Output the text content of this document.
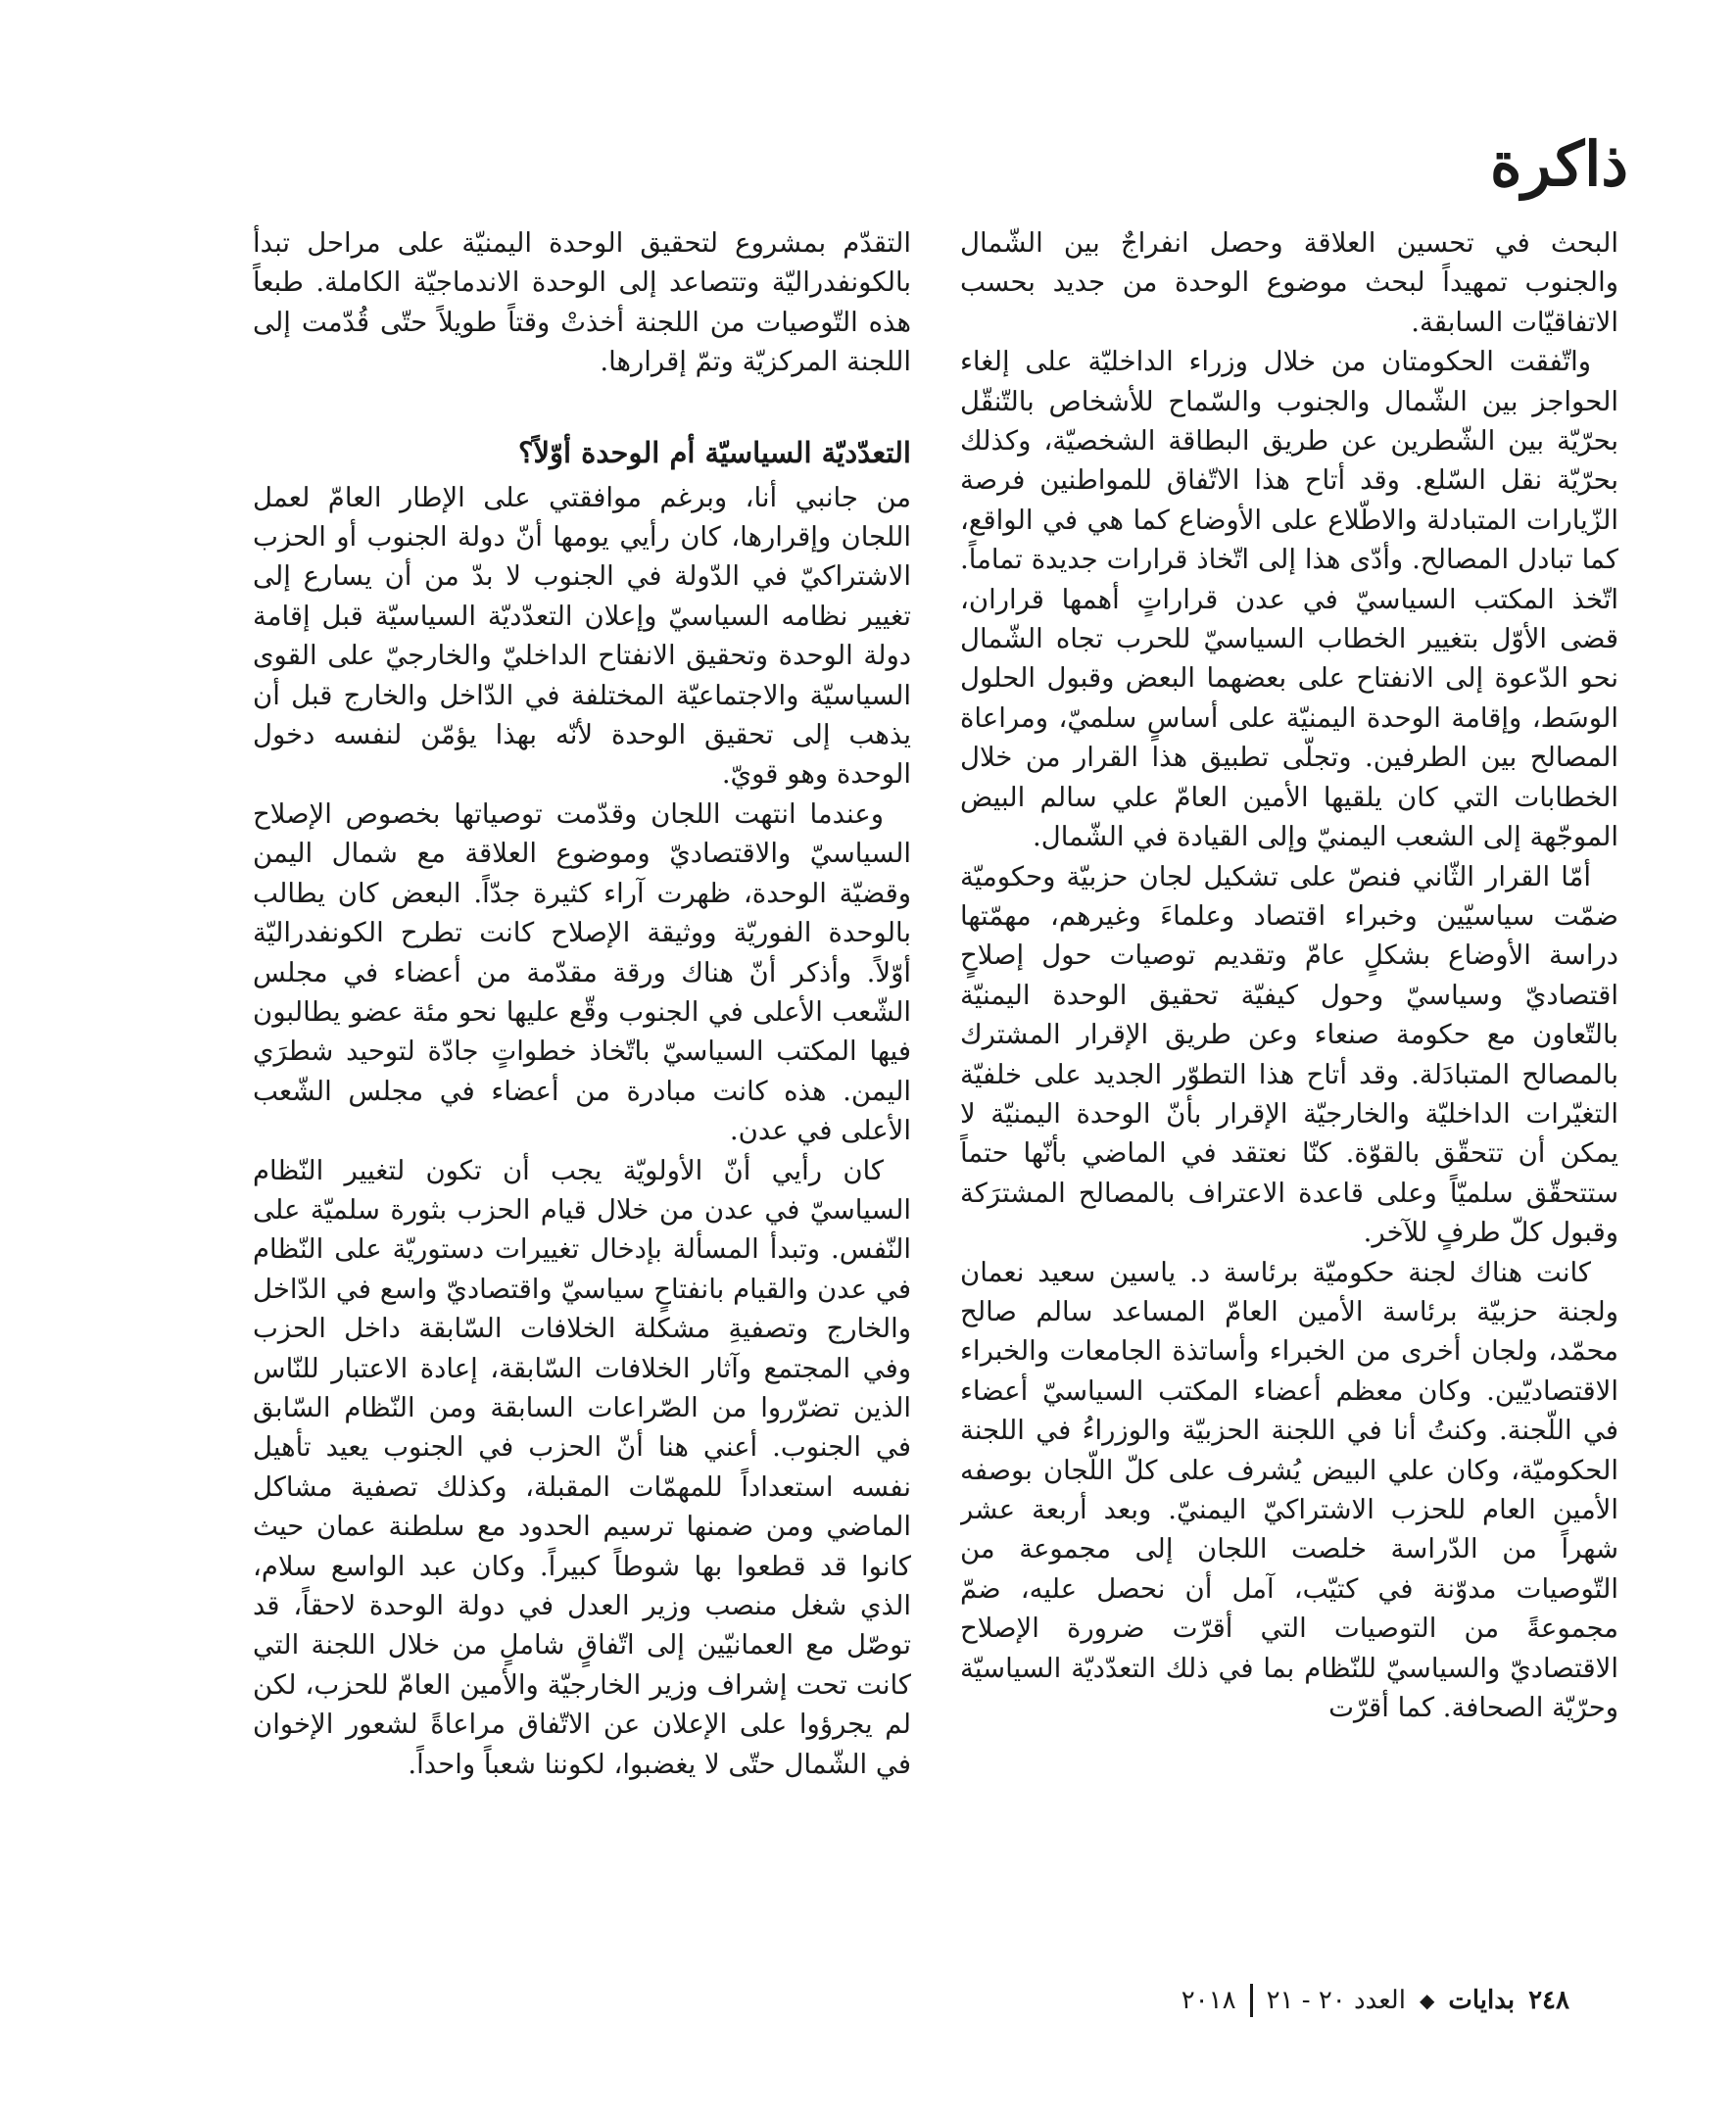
ذاكرة

البحث في تحسين العلاقة وحصل انفراجٌ بين الشّمال والجنوب تمهيداً لبحث موضوع الوحدة من جديد بحسب الاتفاقيّات السابقة.

واتّفقت الحكومتان من خلال وزراء الداخليّة على إلغاء الحواجز بين الشّمال والجنوب والسّماح للأشخاص بالتّنقّل بحرّيّة بين الشّطرين عن طريق البطاقة الشخصيّة، وكذلك بحرّيّة نقل السّلع. وقد أتاح هذا الاتّفاق للمواطنين فرصة الزّيارات المتبادلة والاطّلاع على الأوضاع كما هي في الواقع، كما تبادل المصالح. وأدّى هذا إلى اتّخاذ قرارات جديدة تماماً. اتّخذ المكتب السياسيّ في عدن قراراتٍ أهمها قراران، قضى الأوّل بتغيير الخطاب السياسيّ للحرب تجاه الشّمال نحو الدّعوة إلى الانفتاح على بعضهما البعض وقبول الحلول الوسَط، وإقامة الوحدة اليمنيّة على أساسٍ سلميّ، ومراعاة المصالح بين الطرفين. وتجلّى تطبيق هذا القرار من خلال الخطابات التي كان يلقيها الأمين العامّ علي سالم البيض الموجّهة إلى الشعب اليمنيّ وإلى القيادة في الشّمال.

أمّا القرار الثّاني فنصّ على تشكيل لجان حزبيّة وحكوميّة ضمّت سياسيّين وخبراء اقتصاد وعلماءَ وغيرهم، مهمّتها دراسة الأوضاع بشكلٍ عامّ وتقديم توصيات حول إصلاحٍ اقتصاديّ وسياسيّ وحول كيفيّة تحقيق الوحدة اليمنيّة بالتّعاون مع حكومة صنعاء وعن طريق الإقرار المشترك بالمصالح المتبادَلة. وقد أتاح هذا التطوّر الجديد على خلفيّة التغيّرات الداخليّة والخارجيّة الإقرار بأنّ الوحدة اليمنيّة لا يمكن أن تتحقّق بالقوّة. كنّا نعتقد في الماضي بأنّها حتماً ستتحقّق سلميّاً وعلى قاعدة الاعتراف بالمصالح المشترَكة وقبول كلّ طرفٍ للآخر.

كانت هناك لجنة حكوميّة برئاسة د. ياسين سعيد نعمان ولجنة حزبيّة برئاسة الأمين العامّ المساعد سالم صالح محمّد، ولجان أخرى من الخبراء وأساتذة الجامعات والخبراء الاقتصاديّين. وكان معظم أعضاء المكتب السياسيّ أعضاء في اللّجنة. وكنتُ أنا في اللجنة الحزبيّة والوزراءُ في اللجنة الحكوميّة، وكان علي البيض يُشرف على كلّ اللّجان بوصفه الأمين العام للحزب الاشتراكيّ اليمنيّ. وبعد أربعة عشر شهراً من الدّراسة خلصت اللجان إلى مجموعة من التّوصيات مدوّنة في كتيّب، آمل أن نحصل عليه، ضمّ مجموعةً من التوصيات التي أقرّت ضرورة الإصلاح الاقتصاديّ والسياسيّ للنّظام بما في ذلك التعدّديّة السياسيّة وحرّيّة الصحافة. كما أقرّت

التقدّم بمشروع لتحقيق الوحدة اليمنيّة على مراحل تبدأ بالكونفدراليّة وتتصاعد إلى الوحدة الاندماجيّة الكاملة. طبعاً هذه التّوصيات من اللجنة أخذتْ وقتاً طويلاً حتّى قُدّمت إلى اللجنة المركزيّة وتمّ إقرارها.

التعدّديّة السياسيّة أم الوحدة أوّلاً؟

من جانبي أنا، وبرغم موافقتي على الإطار العامّ لعمل اللجان وإقرارها، كان رأيي يومها أنّ دولة الجنوب أو الحزب الاشتراكيّ في الدّولة في الجنوب لا بدّ من أن يسارع إلى تغيير نظامه السياسيّ وإعلان التعدّديّة السياسيّة قبل إقامة دولة الوحدة وتحقيق الانفتاح الداخليّ والخارجيّ على القوى السياسيّة والاجتماعيّة المختلفة في الدّاخل والخارج قبل أن يذهب إلى تحقيق الوحدة لأنّه بهذا يؤمّن لنفسه دخول الوحدة وهو قويّ.

وعندما انتهت اللجان وقدّمت توصياتها بخصوص الإصلاح السياسيّ والاقتصاديّ وموضوع العلاقة مع شمال اليمن وقضيّة الوحدة، ظهرت آراء كثيرة جدّاً. البعض كان يطالب بالوحدة الفوريّة ووثيقة الإصلاح كانت تطرح الكونفدراليّة أوّلاً. وأذكر أنّ هناك ورقة مقدّمة من أعضاء في مجلس الشّعب الأعلى في الجنوب وقّع عليها نحو مئة عضو يطالبون فيها المكتب السياسيّ باتّخاذ خطواتٍ جادّة لتوحيد شطرَي اليمن. هذه كانت مبادرة من أعضاء في مجلس الشّعب الأعلى في عدن.

كان رأيي أنّ الأولويّة يجب أن تكون لتغيير النّظام السياسيّ في عدن من خلال قيام الحزب بثورة سلميّة على النّفس. وتبدأ المسألة بإدخال تغييرات دستوريّة على النّظام في عدن والقيام بانفتاحٍ سياسيّ واقتصاديّ واسع في الدّاخل والخارج وتصفيةِ مشكلة الخلافات السّابقة داخل الحزب وفي المجتمع وآثار الخلافات السّابقة، إعادة الاعتبار للنّاس الذين تضرّروا من الصّراعات السابقة ومن النّظام السّابق في الجنوب. أعني هنا أنّ الحزب في الجنوب يعيد تأهيل نفسه استعداداً للمهمّات المقبلة، وكذلك تصفية مشاكل الماضي ومن ضمنها ترسيم الحدود مع سلطنة عمان حيث كانوا قد قطعوا بها شوطاً كبيراً. وكان عبد الواسع سلام، الذي شغل منصب وزير العدل في دولة الوحدة لاحقاً، قد توصّل مع العمانيّين إلى اتّفاقٍ شاملٍ من خلال اللجنة التي كانت تحت إشراف وزير الخارجيّة والأمين العامّ للحزب، لكن لم يجرؤوا على الإعلان عن الاتّفاق مراعاةً لشعور الإخوان في الشّمال حتّى لا يغضبوا، لكوننا شعباً واحداً.

٢٤٨
بدايات
◆
العدد ٢٠ - ٢١
٢٠١٨
